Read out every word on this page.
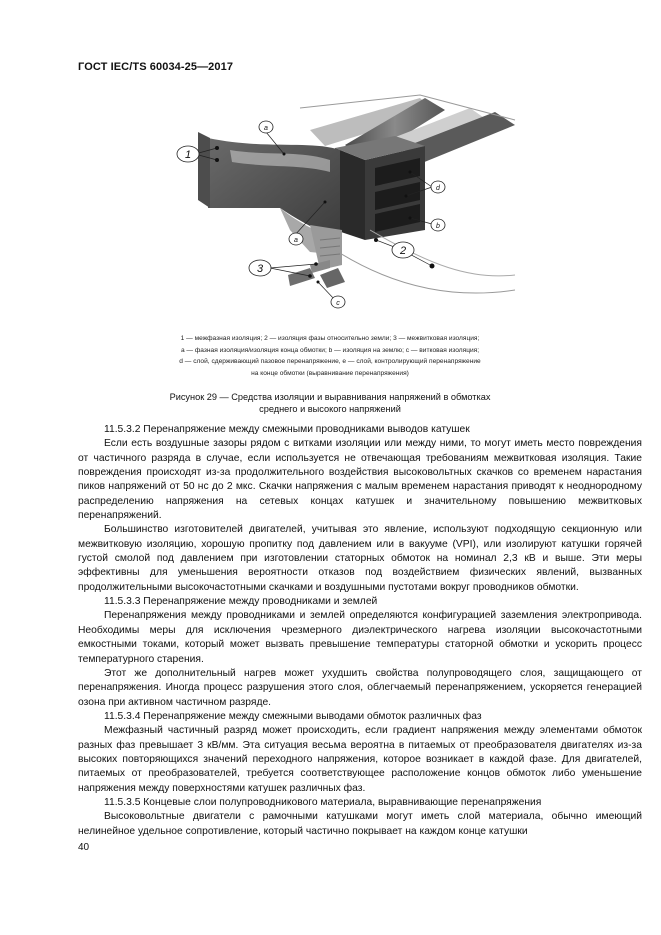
ГОСТ IEC/TS 60034-25—2017
1
2
3
a
a
d
b
c
1 — межфазная изоляция; 2 — изоляция фазы относительно земли; 3 — межвитковая изоляция;
a — фазная изоляция/изоляция конца обмотки; b — изоляция на землю; c — витковая изоляция;
d — слой, сдерживающий пазовое перенапряжение, e — слой, контролирующий перенапряжение
на конце обмотки (выравнивание перенапряжения)
Рисунок 29 — Средства изоляции и выравнивания напряжений в обмотках
среднего и высокого напряжений

11.5.3.2 Перенапряжение между смежными проводниками выводов катушек

Если есть воздушные зазоры рядом с витками изоляции или между ними, то могут иметь место повреждения от частичного разряда в случае, если используется не отвечающая требованиям межвитковая изоляция. Такие повреждения происходят из-за продолжительного воздействия высоковольтных скачков со временем нарастания пиков напряжений от 50 нс до 2 мкс. Скачки напряжения с малым временем нарастания приводят к неоднородному распределению напряжения на сетевых концах катушек и значительному повышению межвитковых перенапряжений.

Большинство изготовителей двигателей, учитывая это явление, используют подходящую секционную или межвитковую изоляцию, хорошую пропитку под давлением или в вакууме (VPI), или изолируют катушки горячей густой смолой под давлением при изготовлении статорных обмоток на номинал 2,3 кВ и выше. Эти меры эффективны для уменьшения вероятности отказов под воздействием физических явлений, вызванных продолжительными высокочастотными скачками и воздушными пустотами вокруг проводников обмотки.

11.5.3.3 Перенапряжение между проводниками и землей

Перенапряжения между проводниками и землей определяются конфигурацией заземления электропривода. Необходимы меры для исключения чрезмерного диэлектрического нагрева изоляции высокочастотными емкостными токами, который может вызвать превышение температуры статорной обмотки и ускорить процесс температурного старения.

Этот же дополнительный нагрев может ухудшить свойства полупроводящего слоя, защищающего от перенапряжения. Иногда процесс разрушения этого слоя, облегчаемый перенапряжением, ускоряется генерацией озона при активном частичном разряде.

11.5.3.4 Перенапряжение между смежными выводами обмоток различных фаз

Межфазный частичный разряд может происходить, если градиент напряжения между элементами обмоток разных фаз превышает 3 кВ/мм. Эта ситуация весьма вероятна в питаемых от преобразователя двигателях из-за высоких повторяющихся значений переходного напряжения, которое возникает в каждой фазе. Для двигателей, питаемых от преобразователей, требуется соответствующее расположение концов обмоток либо уменьшение напряжения между поверхностями катушек различных фаз.

11.5.3.5 Концевые слои полупроводникового материала, выравнивающие перенапряжения

Высоковольтные двигатели с рамочными катушками могут иметь слой материала, обычно имеющий нелинейное удельное сопротивление, который частично покрывает на каждом конце катушки

40
